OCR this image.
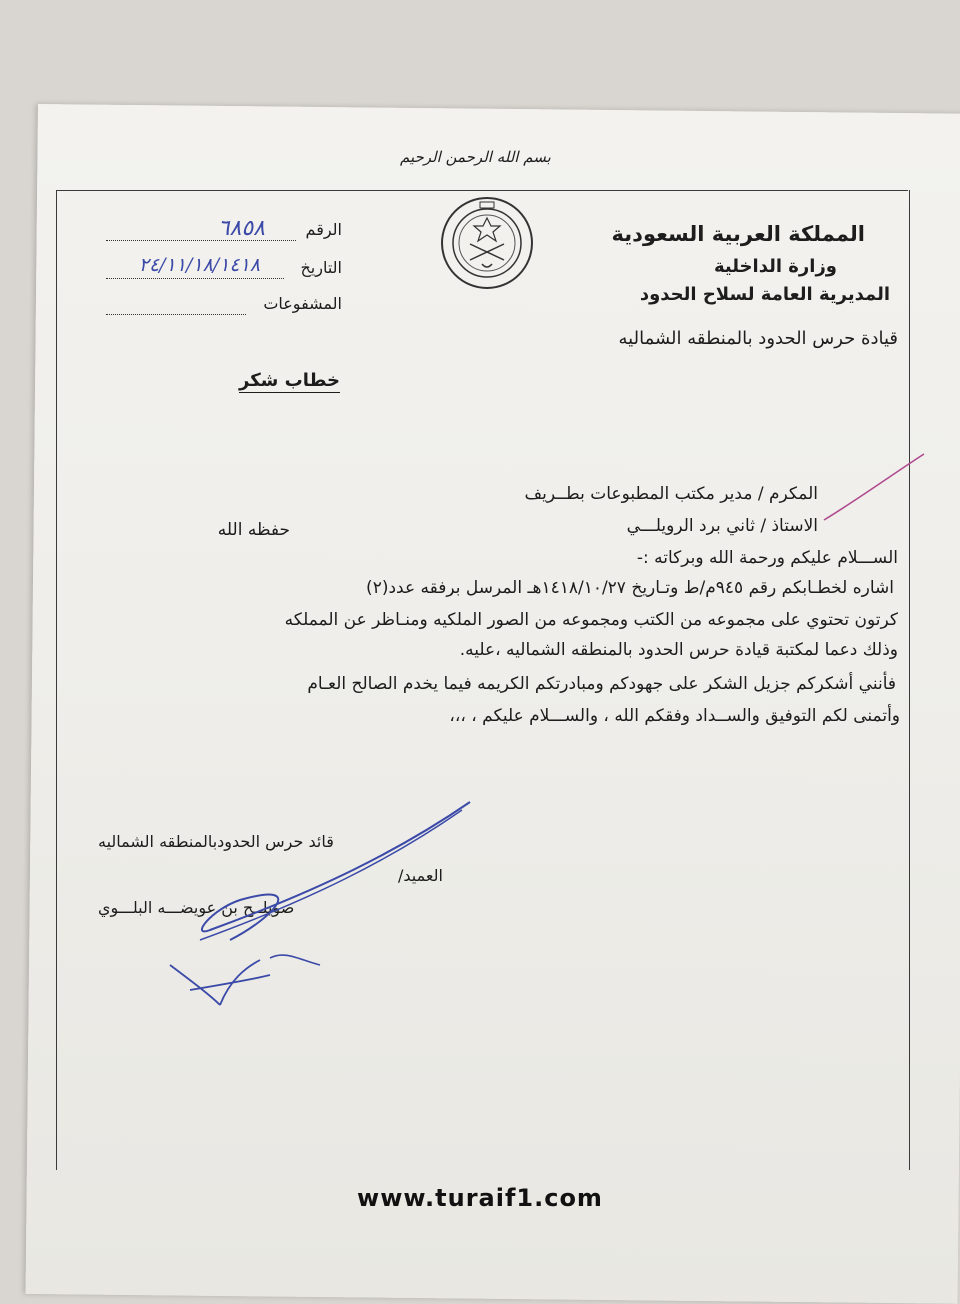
بسم الله الرحمن الرحيم
المملكة العربية السعودية
وزارة الداخلية
المديرية العامة لسلاح الحدود
الرقم
٦٨٥٨
التاريخ
٢٤/١١/١٨/١٤١٨
المشفوعات
قيادة حرس الحدود بالمنطقه الشماليه
خطاب شكر
المكرم / مدير مكتب المطبوعات بطــريف
الاستاذ / ثاني برد الرويلـــي
حفظه الله
الســـلام عليكم ورحمة الله وبركاته :-
اشاره لخطـابكم رقم ٩٤٥م/ط وتـاريخ ١٤١٨/١٠/٢٧هـ المرسل برفقه عدد(٢)
كرتون تحتوي على مجموعه من الكتب ومجموعه من الصور الملكيه ومنـاظر عن المملكه
وذلك دعما لمكتبة قيادة حرس الحدود بالمنطقه الشماليه ،عليه.
فأنني أشكركم جزيل الشكر على جهودكم ومبادرتكم الكريمه فيما يخدم الصالح العـام
وأتمنى لكم التوفيق والســداد وفقكم الله ، والســـلام عليكم ، ،،،
قائد حرس الحدودبالمنطقه الشماليه
العميد/
صويلــح بن عويضـــه البلـــوي
www.turaif1.com
